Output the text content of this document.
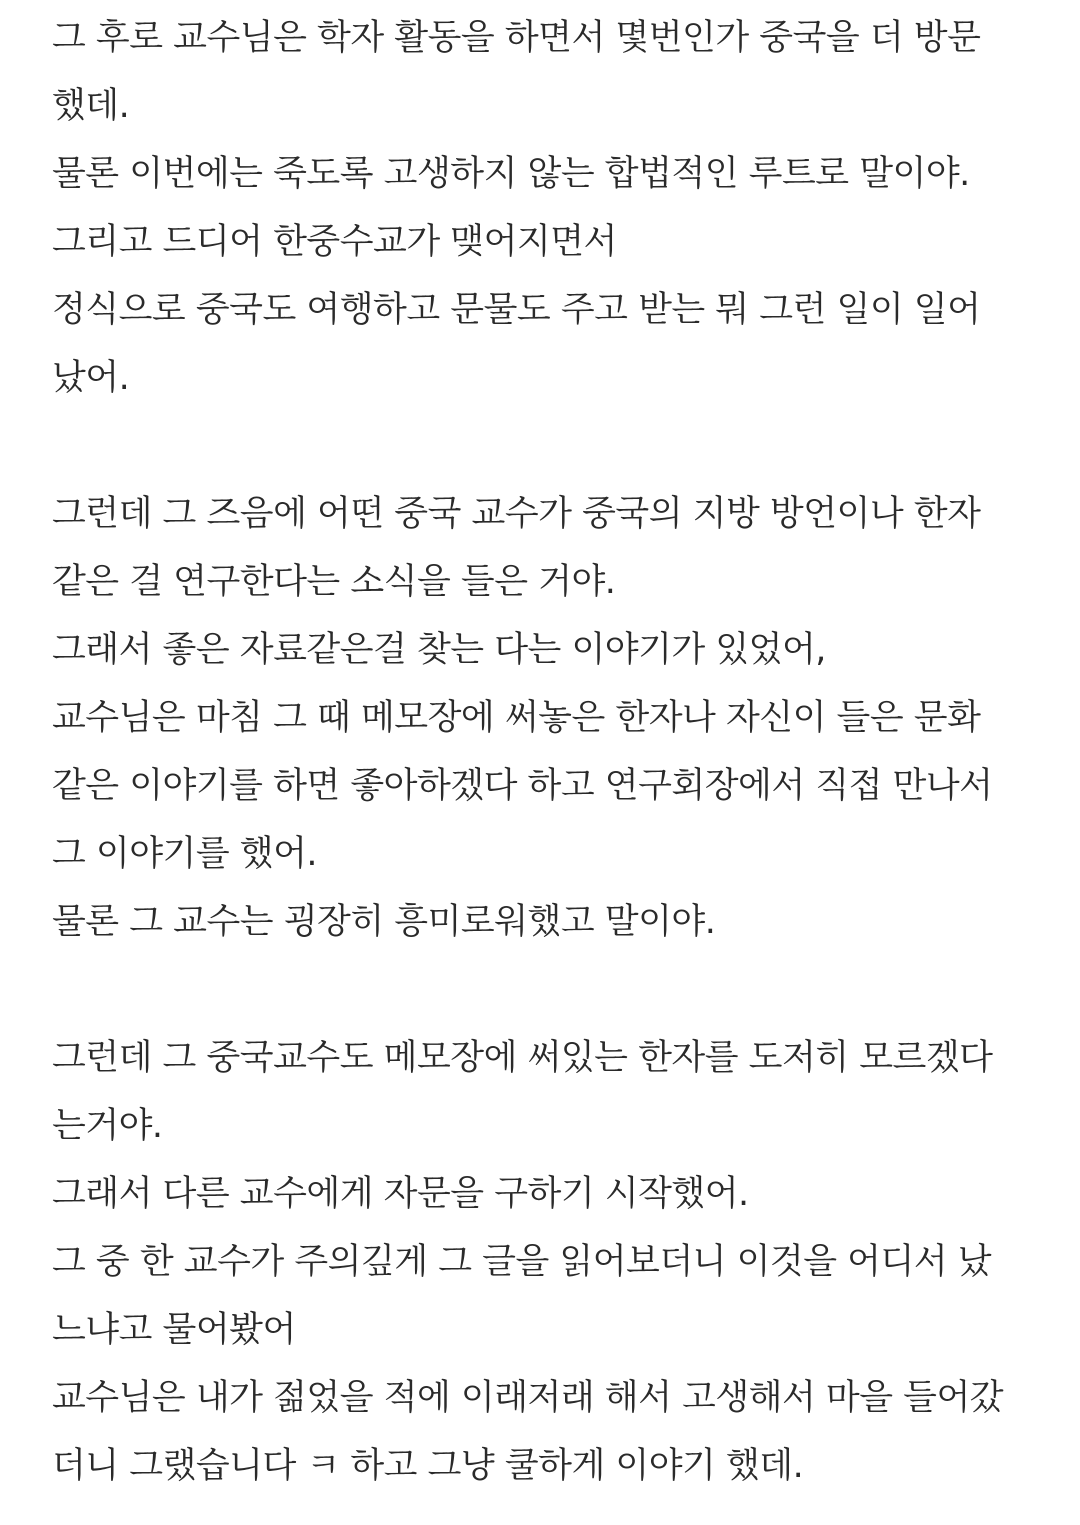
그 후로 교수님은 학자 활동을 하면서 몇번인가 중국을 더 방문
했데.
물론 이번에는 죽도록 고생하지 않는 합법적인 루트로 말이야.
그리고 드디어 한중수교가 맺어지면서
정식으로 중국도 여행하고 문물도 주고 받는 뭐 그런 일이 일어
났어.
그런데 그 즈음에 어떤 중국 교수가 중국의 지방 방언이나 한자
같은 걸 연구한다는 소식을 들은 거야.
그래서 좋은 자료같은걸 찾는 다는 이야기가 있었어,
교수님은 마침 그 때 메모장에 써놓은 한자나 자신이 들은 문화
같은 이야기를 하면 좋아하겠다 하고 연구회장에서 직접 만나서
그 이야기를 했어.
물론 그 교수는 굉장히 흥미로워했고 말이야.
그런데 그 중국교수도 메모장에 써있는 한자를 도저히 모르겠다
는거야.
그래서 다른 교수에게 자문을 구하기 시작했어.
그 중 한 교수가 주의깊게 그 글을 읽어보더니 이것을 어디서 났
느냐고 물어봤어
교수님은 내가 젊었을 적에 이래저래 해서 고생해서 마을 들어갔
더니 그랬습니다 ㅋ 하고 그냥 쿨하게 이야기 했데.
